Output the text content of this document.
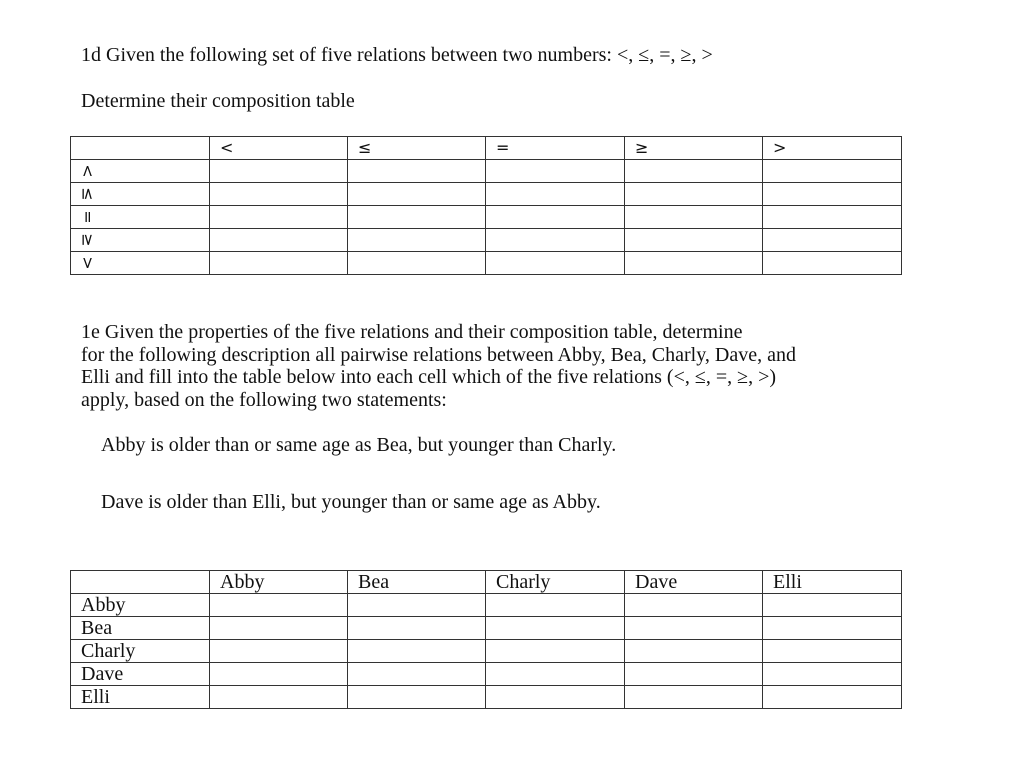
1d Given the following set of five relations between two numbers: <, ≤, =, ≥, >
Determine their composition table
	<	≤	=	≥	>
<					
≤					
=					
≥					
>					
1e Given the properties of the five relations and their composition table, determine
for the following description all pairwise relations between Abby, Bea, Charly, Dave, and
Elli and fill into the table below into each cell which of the five relations (<, ≤, =, ≥, >)
apply, based on the following two statements:
Abby is older than or same age as Bea, but younger than Charly.
Dave is older than Elli, but younger than or same age as Abby.
	Abby	Bea	Charly	Dave	Elli
Abby					
Bea					
Charly					
Dave					
Elli					
